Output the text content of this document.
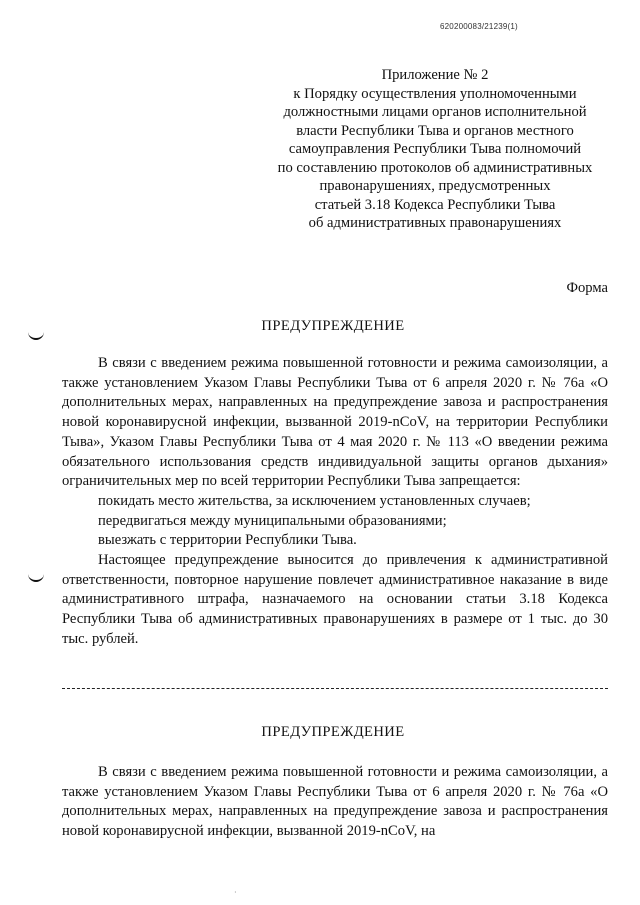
620200083/21239(1)
Приложение № 2
к Порядку осуществления уполномоченными
должностными лицами органов исполнительной
власти Республики Тыва и органов местного
самоуправления Республики Тыва полномочий
по составлению протоколов об административных
правонарушениях, предусмотренных
статьей 3.18 Кодекса Республики Тыва
об административных правонарушениях
Форма
ПРЕДУПРЕЖДЕНИЕ

В связи с введением режима повышенной готовности и режима самоизоляции, а также установлением Указом Главы Республики Тыва от 6 апреля 2020 г. № 76а «О дополнительных мерах, направленных на предупреждение завоза и распространения новой коронавирусной инфекции, вызванной 2019-nCoV, на территории Республики Тыва», Указом Главы Республики Тыва от 4 мая 2020 г. № 113 «О введении режима обязательного использования средств индивидуальной защиты органов дыхания» ограничительных мер по всей территории Республики Тыва запрещается:

покидать место жительства, за исключением установленных случаев;

передвигаться между муниципальными образованиями;

выезжать с территории Республики Тыва.

Настоящее предупреждение выносится до привлечения к административной ответственности, повторное нарушение повлечет административное наказание в виде административного штрафа, назначаемого на основании статьи 3.18 Кодекса Республики Тыва об административных правонарушениях в размере от 1 тыс. до 30 тыс. рублей.

ПРЕДУПРЕЖДЕНИЕ

В связи с введением режима повышенной готовности и режима самоизоляции, а также установлением Указом Главы Республики Тыва от 6 апреля 2020 г. № 76а «О дополнительных мерах, направленных на предупреждение завоза и распространения новой коронавирусной инфекции, вызванной 2019-nCoV, на

·
